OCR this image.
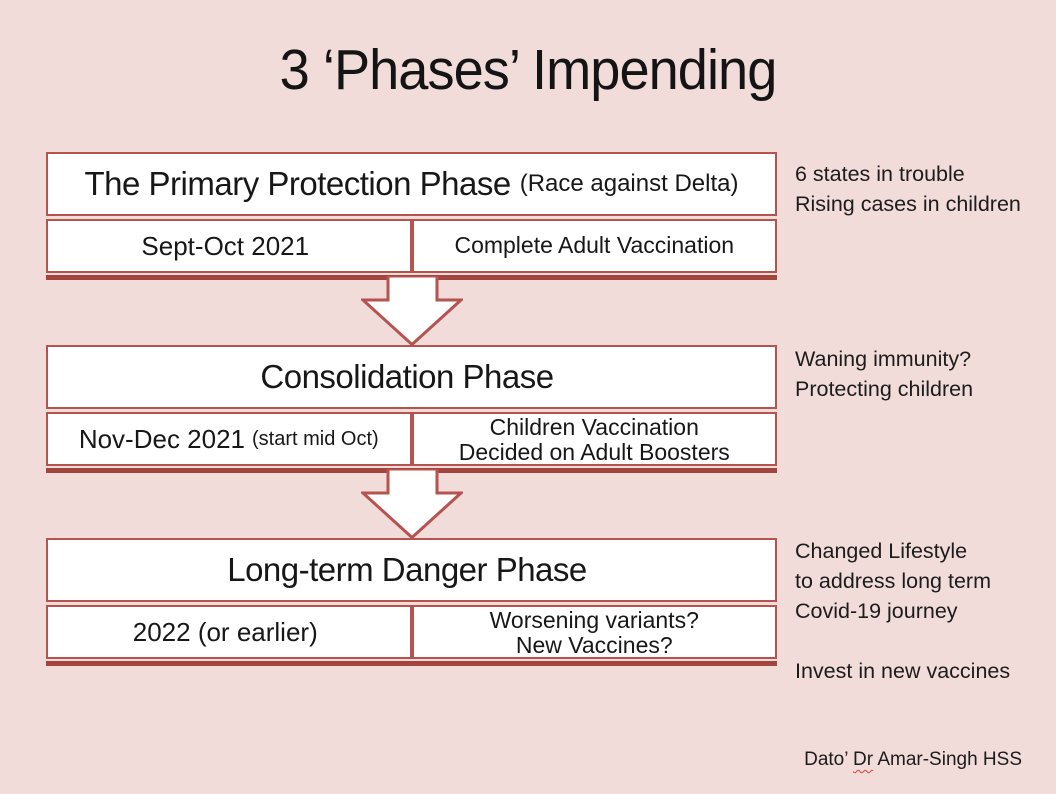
3 ‘Phases’ Impending
The Primary Protection Phase (Race against Delta)
Sept-Oct 2021	Complete Adult Vaccination
Consolidation Phase
Nov-Dec 2021 (start mid Oct)	Children Vaccination
Decided on Adult Boosters
Long-term Danger Phase
2022 (or earlier)	Worsening variants?
New Vaccines?
6 states in trouble
Rising cases in children
Waning immunity?
Protecting children
Changed Lifestyle
to address long term
Covid-19 journey
Invest in new vaccines
Dato’ Dr Amar-Singh HSS
